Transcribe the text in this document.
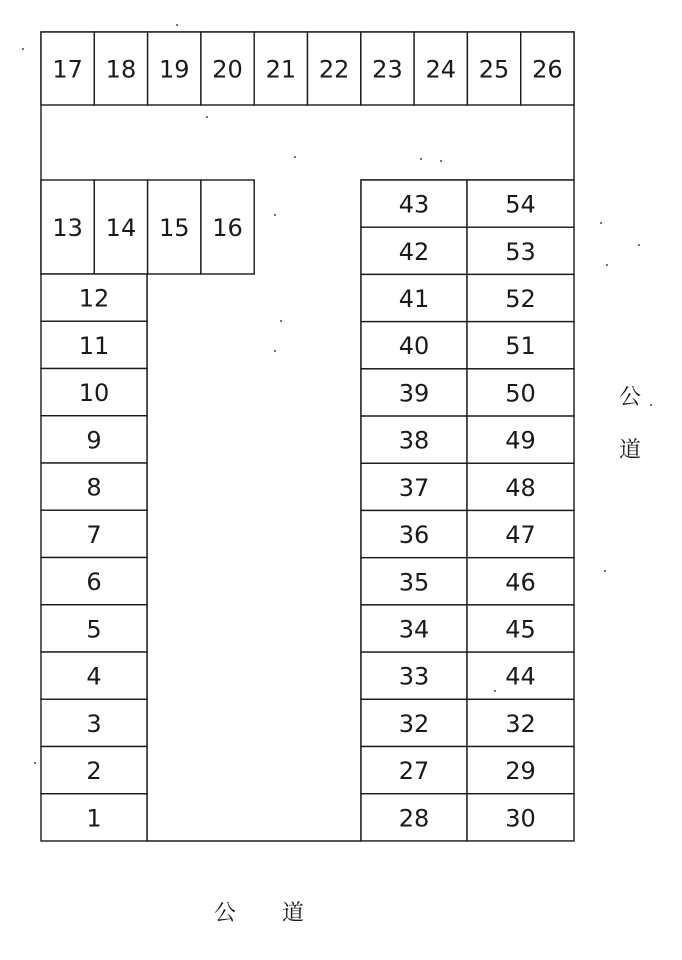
17 18 19 20 21 22 23 24 25 26
13 14 15 16
12
11
10
9
8
7
6
5
4
3
2
1
43
42
41
40
39
38
37
36
35
34
33
32
27
28
54
53
52
51
50
49
48
47
46
45
44
32
29
30
公 道
公
道
